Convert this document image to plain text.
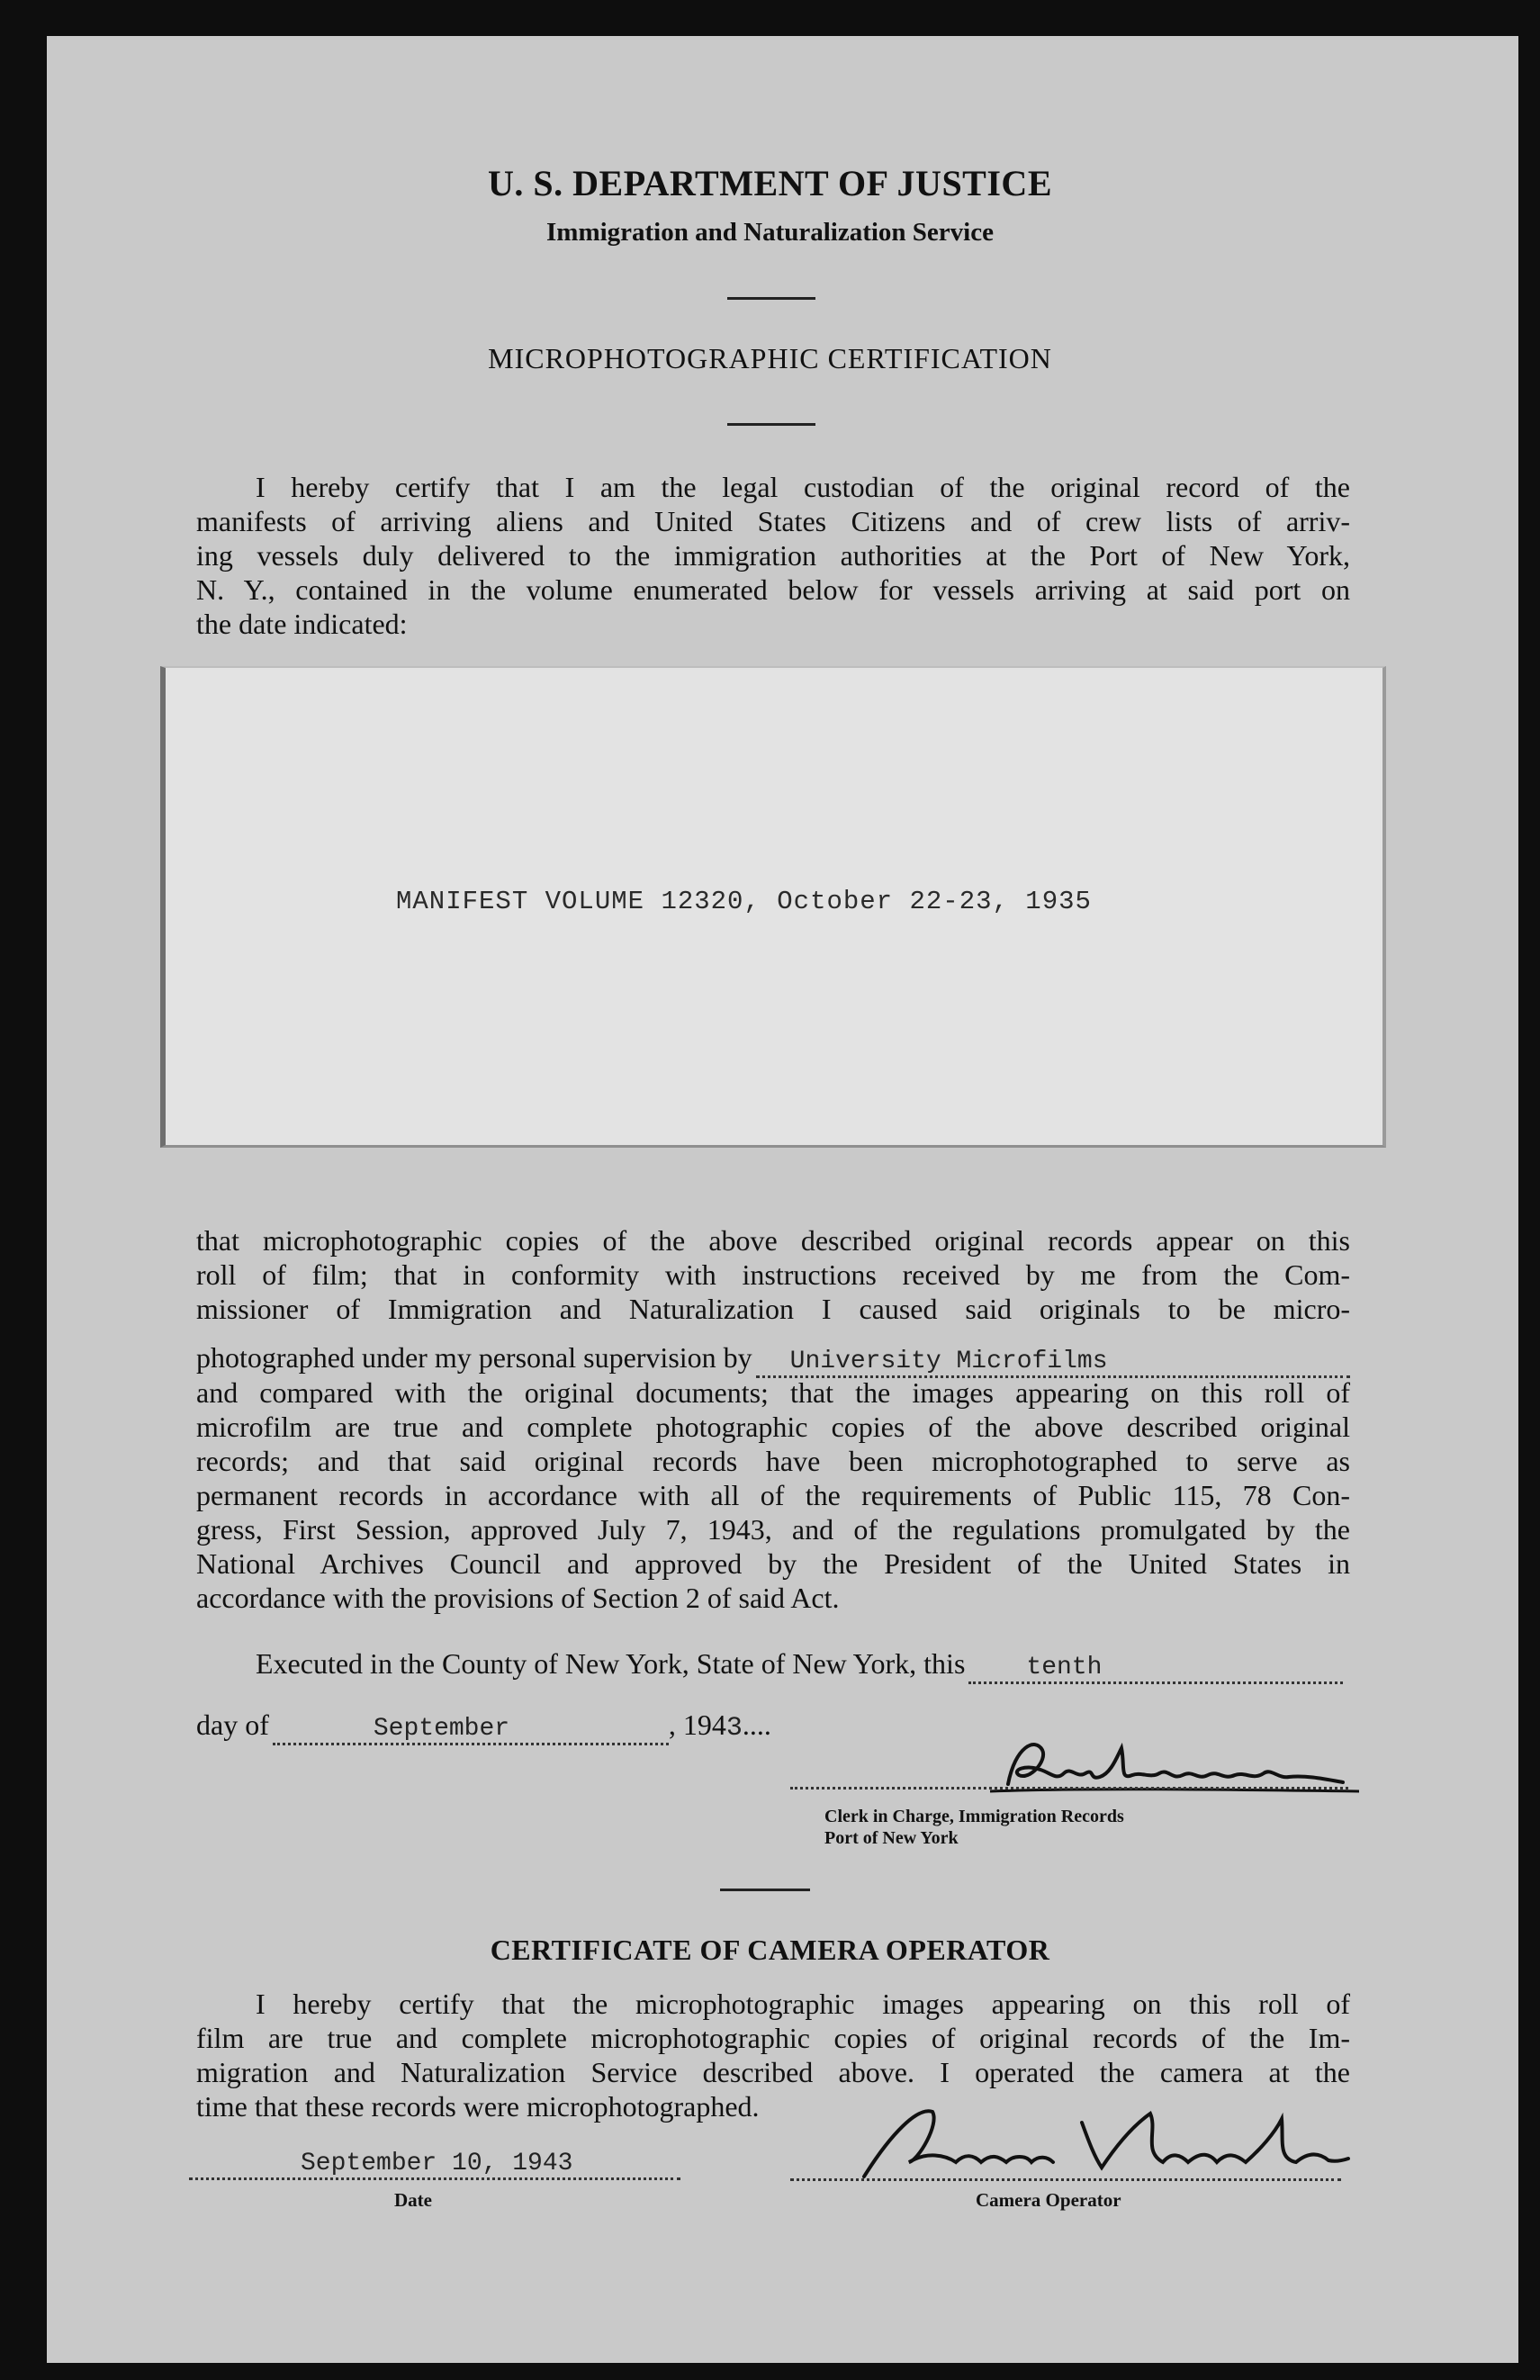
U. S. DEPARTMENT OF JUSTICE
Immigration and Naturalization Service
MICROPHOTOGRAPHIC CERTIFICATION
I hereby certify that I am the legal custodian of the original record of the
manifests of arriving aliens and United States Citizens and of crew lists of arriv-
ing vessels duly delivered to the immigration authorities at the Port of New York,
N. Y., contained in the volume enumerated below for vessels arriving at said port on
the date indicated:
MANIFEST VOLUME 12320, October 22-23, 1935
that microphotographic copies of the above described original records appear on this
roll of film; that in conformity with instructions received by me from the Com-
missioner of Immigration and Naturalization I caused said originals to be micro-
photographed under my personal supervision by	University Microfilms
and compared with the original documents; that the images appearing on this roll of
microfilm are true and complete photographic copies of the above described original
records; and that said original records have been microphotographed to serve as
permanent records in accordance with all of the requirements of Public 115, 78 Con-
gress, First Session, approved July 7, 1943, and of the regulations promulgated by the
National Archives Council and approved by the President of the United States in
accordance with the provisions of Section 2 of said Act.
Executed in the County of New York, State of New York, this	tenth
day of	September	, 194 3 ....
Clerk in Charge, Immigration Records
Port of New York
CERTIFICATE OF CAMERA OPERATOR
I hereby certify that the microphotographic images appearing on this roll of
film are true and complete microphotographic copies of original records of the Im-
migration and Naturalization Service described above. I operated the camera at the
time that these records were microphotographed.
September 10, 1943
Date	Camera Operator
